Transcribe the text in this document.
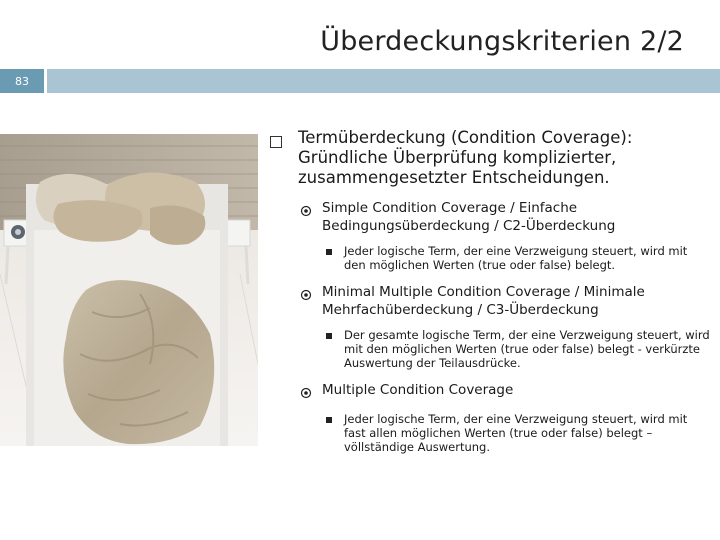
Überdeckungskriterien 2/2
83
Termüberdeckung (Condition Coverage): Gründliche Überprüfung komplizierter, zusammengesetzter Entscheidungen.
Simple Condition Coverage / Einfache Bedingungsüberdeckung / C2-Überdeckung
Jeder logische Term, der eine Verzweigung steuert, wird mit den möglichen Werten (true oder false) belegt.
Minimal Multiple Condition Coverage / Minimale Mehrfachüberdeckung / C3-Überdeckung
Der gesamte logische Term, der eine Verzweigung steuert, wird mit den möglichen Werten (true oder false) belegt - verkürzte Auswertung der Teilausdrücke.
Multiple Condition Coverage
Jeder logische Term, der eine Verzweigung steuert, wird mit fast allen möglichen Werten (true oder false) belegt – völlständige Auswertung.
